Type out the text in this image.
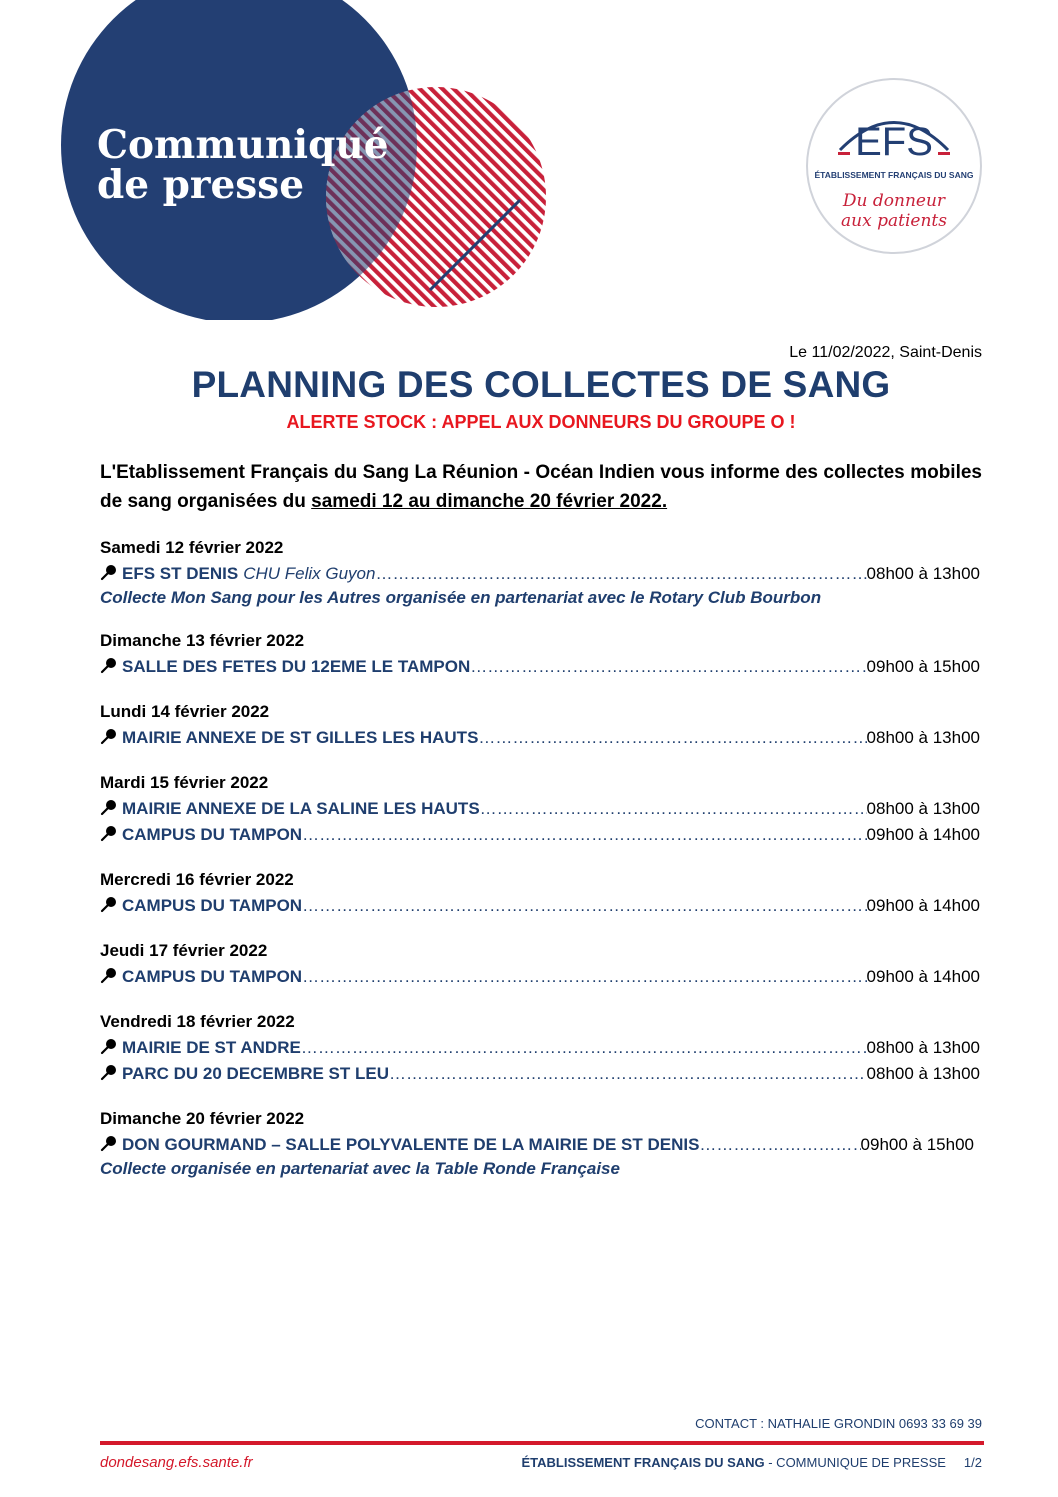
Communiqué
de presse
EFS
ÉTABLISSEMENT FRANÇAIS DU SANG
Du donneur
aux patients
Le 11/02/2022, Saint-Denis
PLANNING DES COLLECTES DE SANG
ALERTE STOCK : APPEL AUX DONNEURS DU GROUPE O !
L'Etablissement Français du Sang La Réunion - Océan Indien vous informe des collectes mobiles de sang organisées du samedi 12 au dimanche 20 février 2022.
Samedi 12 février 2022
EFS ST DENIS CHU Felix Guyon ……………………………………………………………………………………………………………………………………………	08h00 à 13h00
Collecte Mon Sang pour les Autres organisée en partenariat avec le Rotary Club Bourbon
Dimanche 13 février 2022
SALLE DES FETES DU 12EME LE TAMPON ……………………………………………………………………………………………………………………………………………	09h00 à 15h00
Lundi 14 février 2022
MAIRIE ANNEXE DE ST GILLES LES HAUTS ……………………………………………………………………………………………………………………………………………	08h00 à 13h00
Mardi 15 février 2022
MAIRIE ANNEXE DE LA SALINE LES HAUTS ……………………………………………………………………………………………………………………………………………	08h00 à 13h00
CAMPUS DU TAMPON ……………………………………………………………………………………………………………………………………………	09h00 à 14h00
Mercredi 16 février 2022
CAMPUS DU TAMPON ……………………………………………………………………………………………………………………………………………	09h00 à 14h00
Jeudi 17 février 2022
CAMPUS DU TAMPON ……………………………………………………………………………………………………………………………………………	09h00 à 14h00
Vendredi 18 février 2022
MAIRIE DE ST ANDRE ……………………………………………………………………………………………………………………………………………	08h00 à 13h00
PARC DU 20 DECEMBRE ST LEU ……………………………………………………………………………………………………………………………………………	08h00 à 13h00
Dimanche 20 février 2022
DON GOURMAND – SALLE POLYVALENTE DE LA MAIRIE DE ST DENIS ……………………………………………………………………………………………………………………………………………	09h00 à 15h00
Collecte organisée en partenariat avec la Table Ronde Française
CONTACT : NATHALIE GRONDIN 0693 33 69 39
dondesang.efs.sante.fr	ÉTABLISSEMENT FRANÇAIS DU SANG - COMMUNIQUE DE PRESSE 1/2
